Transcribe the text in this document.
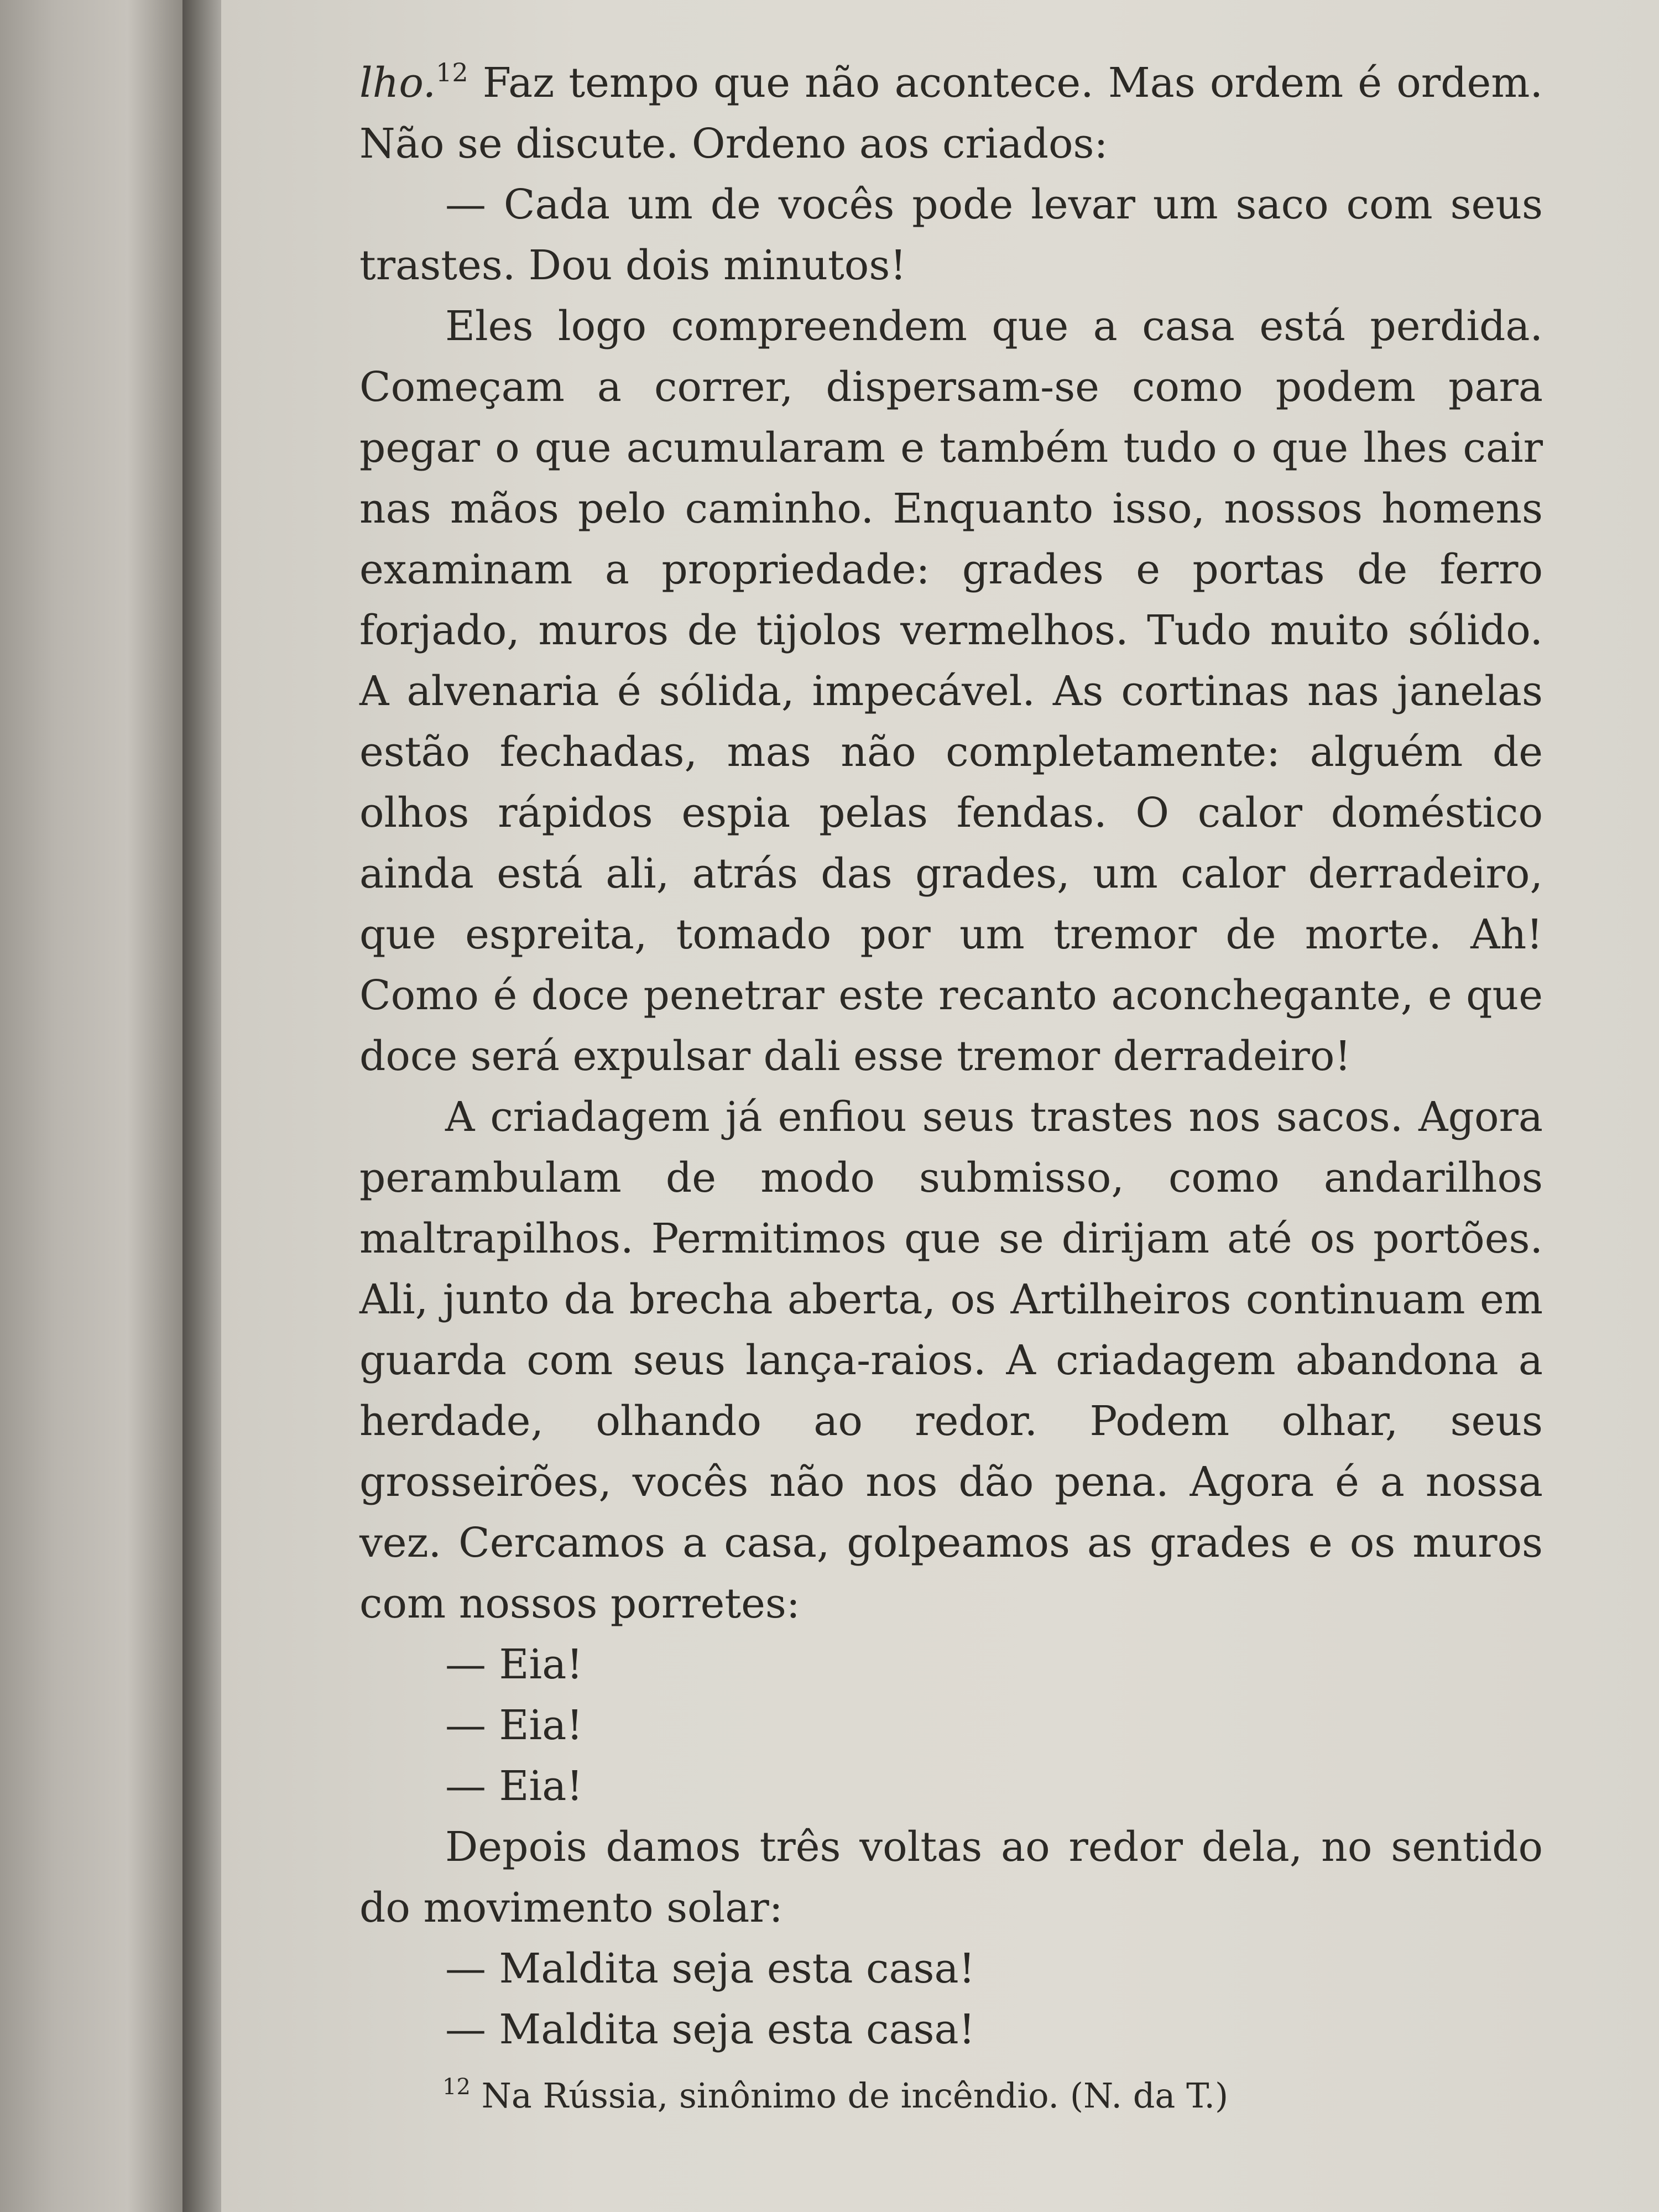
lho.$^{12}$ Faz tempo que não acontece. Mas ordem é ordem. Não se discute. Ordeno aos criados:

— Cada um de vocês pode levar um saco com seus trastes. Dou dois minutos!

Eles logo compreendem que a casa está perdida. Começam a correr, dispersam-se como podem para pegar o que acumularam e também tudo o que lhes cair nas mãos pelo caminho. Enquanto isso, nossos homens examinam a propriedade: grades e portas de ferro forjado, muros de tijolos vermelhos. Tudo muito sólido. A alvenaria é sólida, impecável. As cortinas nas janelas estão fechadas, mas não completamente: alguém de olhos rápidos espia pelas fendas. O calor doméstico ainda está ali, atrás das grades, um calor derradeiro, que espreita, tomado por um tremor de morte. Ah! Como é doce penetrar este recanto aconchegante, e que doce será expulsar dali esse tremor derradeiro!

A criadagem já enfiou seus trastes nos sacos. Agora perambulam de modo submisso, como andarilhos maltrapilhos. Permitimos que se dirijam até os portões. Ali, junto da brecha aberta, os Artilheiros continuam em guarda com seus lança-raios. A criadagem abandona a herdade, olhando ao redor. Podem olhar, seus grosseirões, vocês não nos dão pena. Agora é a nossa vez. Cercamos a casa, golpeamos as grades e os muros com nossos porretes:

— Eia!

— Eia!

— Eia!

Depois damos três voltas ao redor dela, no sentido do movimento solar:

— Maldita seja esta casa!

— Maldita seja esta casa!

$^{12}$ Na Rússia, sinônimo de incêndio. (N. da T.)
